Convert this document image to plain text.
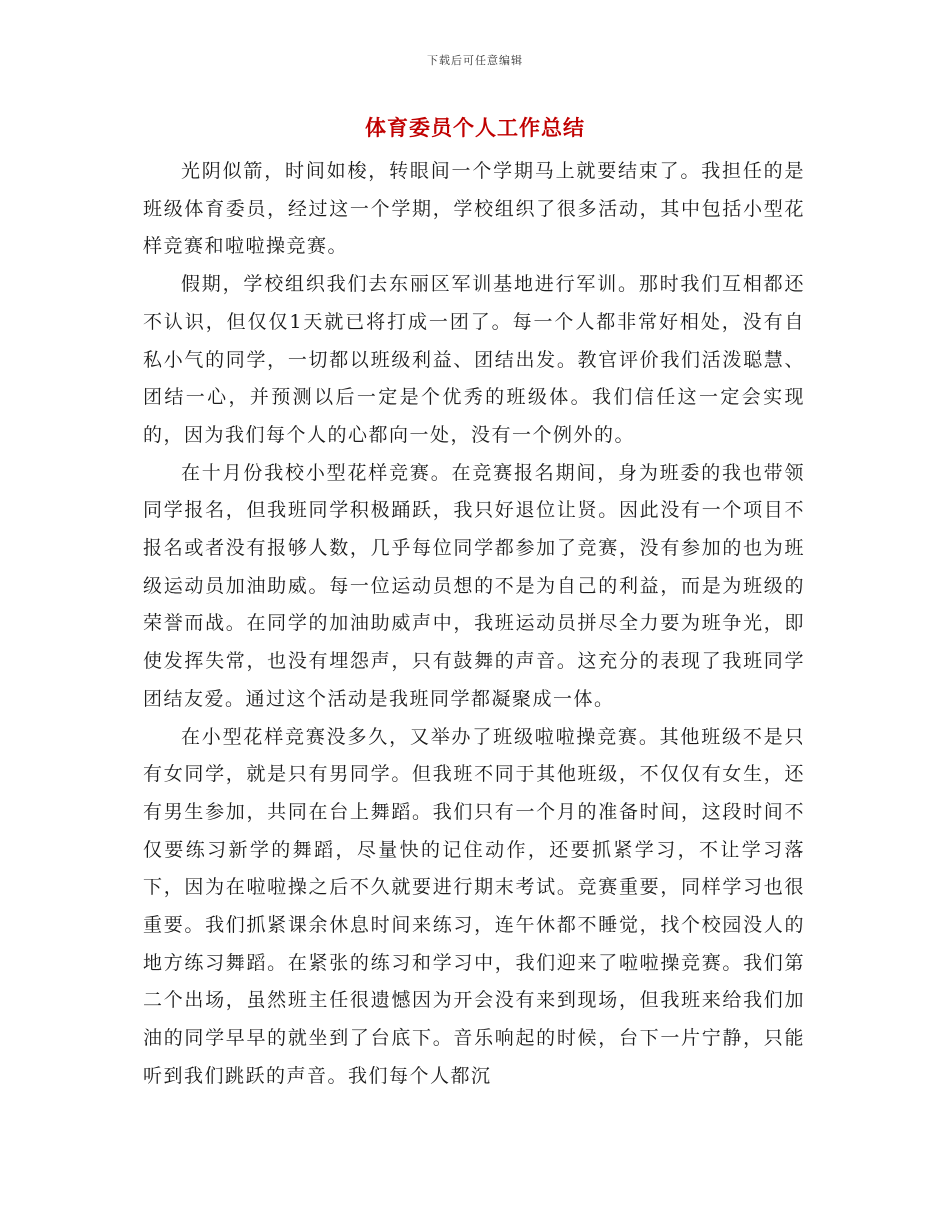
下载后可任意编辑
体育委员个人工作总结

光阴似箭，时间如梭，转眼间一个学期马上就要结束了。我担任的是班级体育委员，经过这一个学期，学校组织了很多活动，其中包括小型花样竞赛和啦啦操竞赛。

假期，学校组织我们去东丽区军训基地进行军训。那时我们互相都还不认识，但仅仅1天就已将打成一团了。每一个人都非常好相处，没有自私小气的同学，一切都以班级利益、团结出发。教官评价我们活泼聪慧、团结一心，并预测以后一定是个优秀的班级体。我们信任这一定会实现的，因为我们每个人的心都向一处，没有一个例外的。

在十月份我校小型花样竞赛。在竞赛报名期间，身为班委的我也带领同学报名，但我班同学积极踊跃，我只好退位让贤。因此没有一个项目不报名或者没有报够人数，几乎每位同学都参加了竞赛，没有参加的也为班级运动员加油助威。每一位运动员想的不是为自己的利益，而是为班级的荣誉而战。在同学的加油助威声中，我班运动员拼尽全力要为班争光，即使发挥失常，也没有埋怨声，只有鼓舞的声音。这充分的表现了我班同学团结友爱。通过这个活动是我班同学都凝聚成一体。

在小型花样竞赛没多久，又举办了班级啦啦操竞赛。其他班级不是只有女同学，就是只有男同学。但我班不同于其他班级，不仅仅有女生，还有男生参加，共同在台上舞蹈。我们只有一个月的准备时间，这段时间不仅要练习新学的舞蹈，尽量快的记住动作，还要抓紧学习，不让学习落下，因为在啦啦操之后不久就要进行期末考试。竞赛重要，同样学习也很重要。我们抓紧课余休息时间来练习，连午休都不睡觉，找个校园没人的地方练习舞蹈。在紧张的练习和学习中，我们迎来了啦啦操竞赛。我们第二个出场，虽然班主任很遗憾因为开会没有来到现场，但我班来给我们加油的同学早早的就坐到了台底下。音乐响起的时候，台下一片宁静，只能听到我们跳跃的声音。我们每个人都沉
